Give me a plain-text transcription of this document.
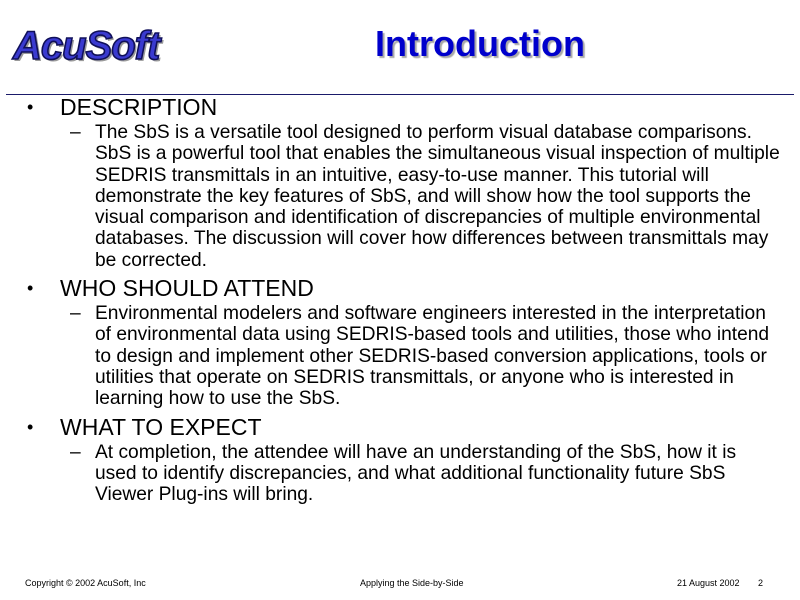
AcuSoft	Introduction
• DESCRIPTION
– The SbS is a versatile tool designed to perform visual database comparisons. SbS is a powerful tool that enables the simultaneous visual inspection of multiple SEDRIS transmittals in an intuitive, easy-to-use manner. This tutorial will demonstrate the key features of SbS, and will show how the tool supports the visual comparison and identification of discrepancies of multiple environmental databases. The discussion will cover how differences between transmittals may be corrected.
• WHO SHOULD ATTEND
– Environmental modelers and software engineers interested in the interpretation of environmental data using SEDRIS-based tools and utilities, those who intend to design and implement other SEDRIS-based conversion applications, tools or utilities that operate on SEDRIS transmittals, or anyone who is interested in learning how to use the SbS.
• WHAT TO EXPECT
– At completion, the attendee will have an understanding of the SbS, how it is used to identify discrepancies, and what additional functionality future SbS Viewer Plug-ins will bring.
Copyright © 2002 AcuSoft, Inc	Applying the Side-by-Side	21 August 2002 2
